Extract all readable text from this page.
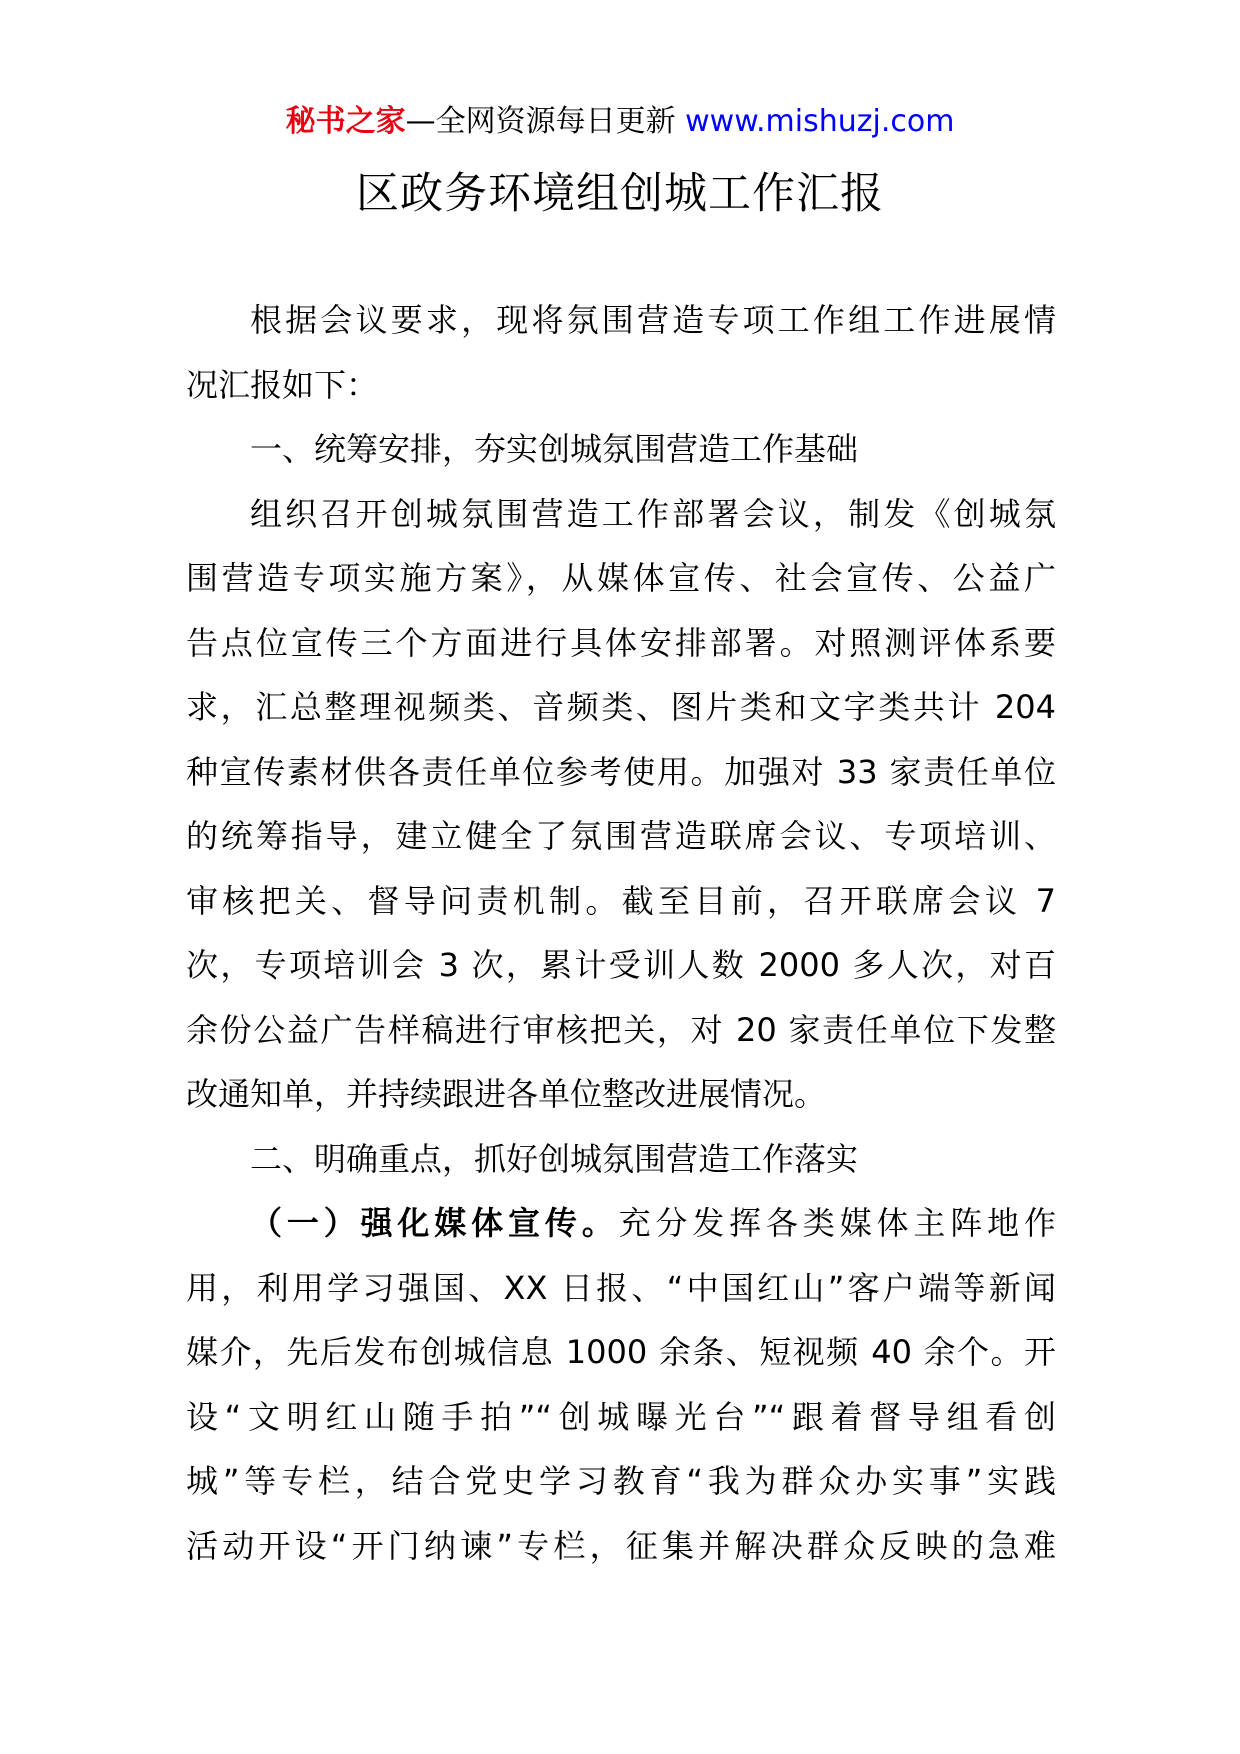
秘书之家—全网资源每日更新 www.mishuzj.com
区政务环境组创城工作汇报
根据会议要求，现将氛围营造专项工作组工作进展情
况汇报如下：
一、统筹安排，夯实创城氛围营造工作基础
组织召开创城氛围营造工作部署会议，制发《创城氛
围营造专项实施方案》，从媒体宣传、社会宣传、公益广
告点位宣传三个方面进行具体安排部署。对照测评体系要
求，汇总整理视频类、音频类、图片类和文字类共计 204
种宣传素材供各责任单位参考使用。加强对 33 家责任单位
的统筹指导，建立健全了氛围营造联席会议、专项培训、
审核把关、督导问责机制。截至目前，召开联席会议 7
次，专项培训会 3 次，累计受训人数 2000 多人次，对百
余份公益广告样稿进行审核把关，对 20 家责任单位下发整
改通知单，并持续跟进各单位整改进展情况。
二、明确重点，抓好创城氛围营造工作落实
（一）强化媒体宣传。充分发挥各类媒体主阵地作
用，利用学习强国、XX 日报、“中国红山”客户端等新闻
媒介，先后发布创城信息 1000 余条、短视频 40 余个。开
设“文明红山随手拍”“创城曝光台”“跟着督导组看创
城”等专栏，结合党史学习教育“我为群众办实事”实践
活动开设“开门纳谏”专栏，征集并解决群众反映的急难
